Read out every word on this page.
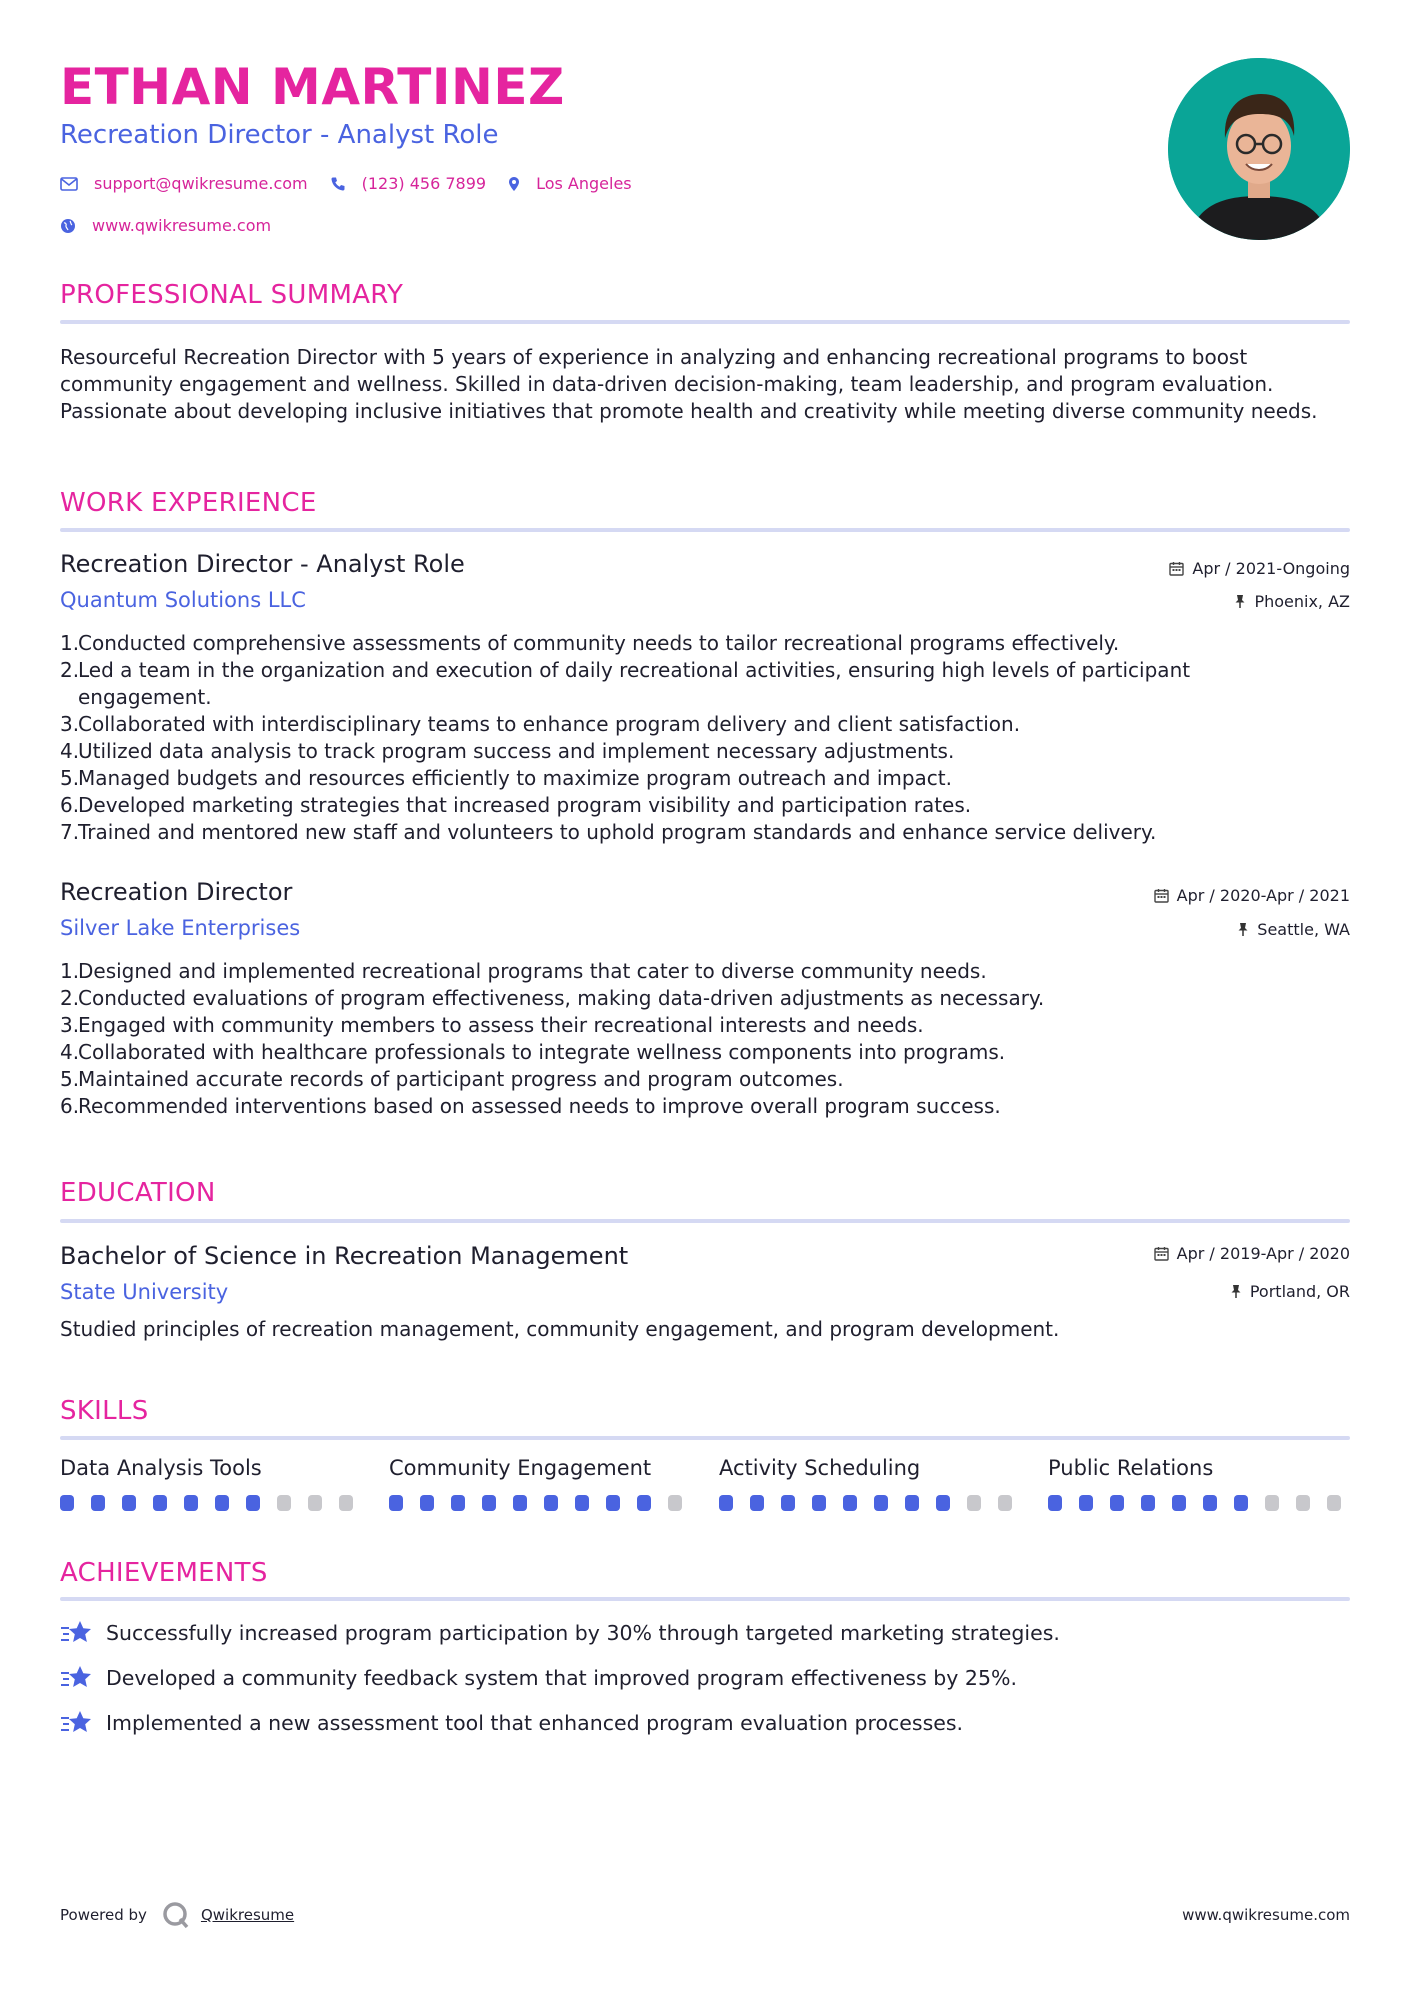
ETHAN MARTINEZ
Recreation Director - Analyst Role
support@qwikresume.com	(123) 456 7899	Los Angeles
www.qwikresume.com
PROFESSIONAL SUMMARY
Resourceful Recreation Director with 5 years of experience in analyzing and enhancing recreational programs to boost community engagement and wellness. Skilled in data-driven decision-making, team leadership, and program evaluation. Passionate about developing inclusive initiatives that promote health and creativity while meeting diverse community needs.
WORK EXPERIENCE
Recreation Director - Analyst Role	Apr / 2021-Ongoing
Quantum Solutions LLC	Phoenix, AZ
1.
Conducted comprehensive assessments of community needs to tailor recreational programs effectively.
2.
Led a team in the organization and execution of daily recreational activities, ensuring high levels of participant engagement.
3.
Collaborated with interdisciplinary teams to enhance program delivery and client satisfaction.
4.
Utilized data analysis to track program success and implement necessary adjustments.
5.
Managed budgets and resources efficiently to maximize program outreach and impact.
6.
Developed marketing strategies that increased program visibility and participation rates.
7.
Trained and mentored new staff and volunteers to uphold program standards and enhance service delivery.
Recreation Director	Apr / 2020-Apr / 2021
Silver Lake Enterprises	Seattle, WA
1.
Designed and implemented recreational programs that cater to diverse community needs.
2.
Conducted evaluations of program effectiveness, making data-driven adjustments as necessary.
3.
Engaged with community members to assess their recreational interests and needs.
4.
Collaborated with healthcare professionals to integrate wellness components into programs.
5.
Maintained accurate records of participant progress and program outcomes.
6.
Recommended interventions based on assessed needs to improve overall program success.
EDUCATION
Bachelor of Science in Recreation Management	Apr / 2019-Apr / 2020
State University	Portland, OR
Studied principles of recreation management, community engagement, and program development.
SKILLS
Data Analysis Tools	Community Engagement	Activity Scheduling	Public Relations
ACHIEVEMENTS
Successfully increased program participation by 30% through targeted marketing strategies.
Developed a community feedback system that improved program effectiveness by 25%.
Implemented a new assessment tool that enhanced program evaluation processes.
Powered by	Qwikresume	www.qwikresume.com
